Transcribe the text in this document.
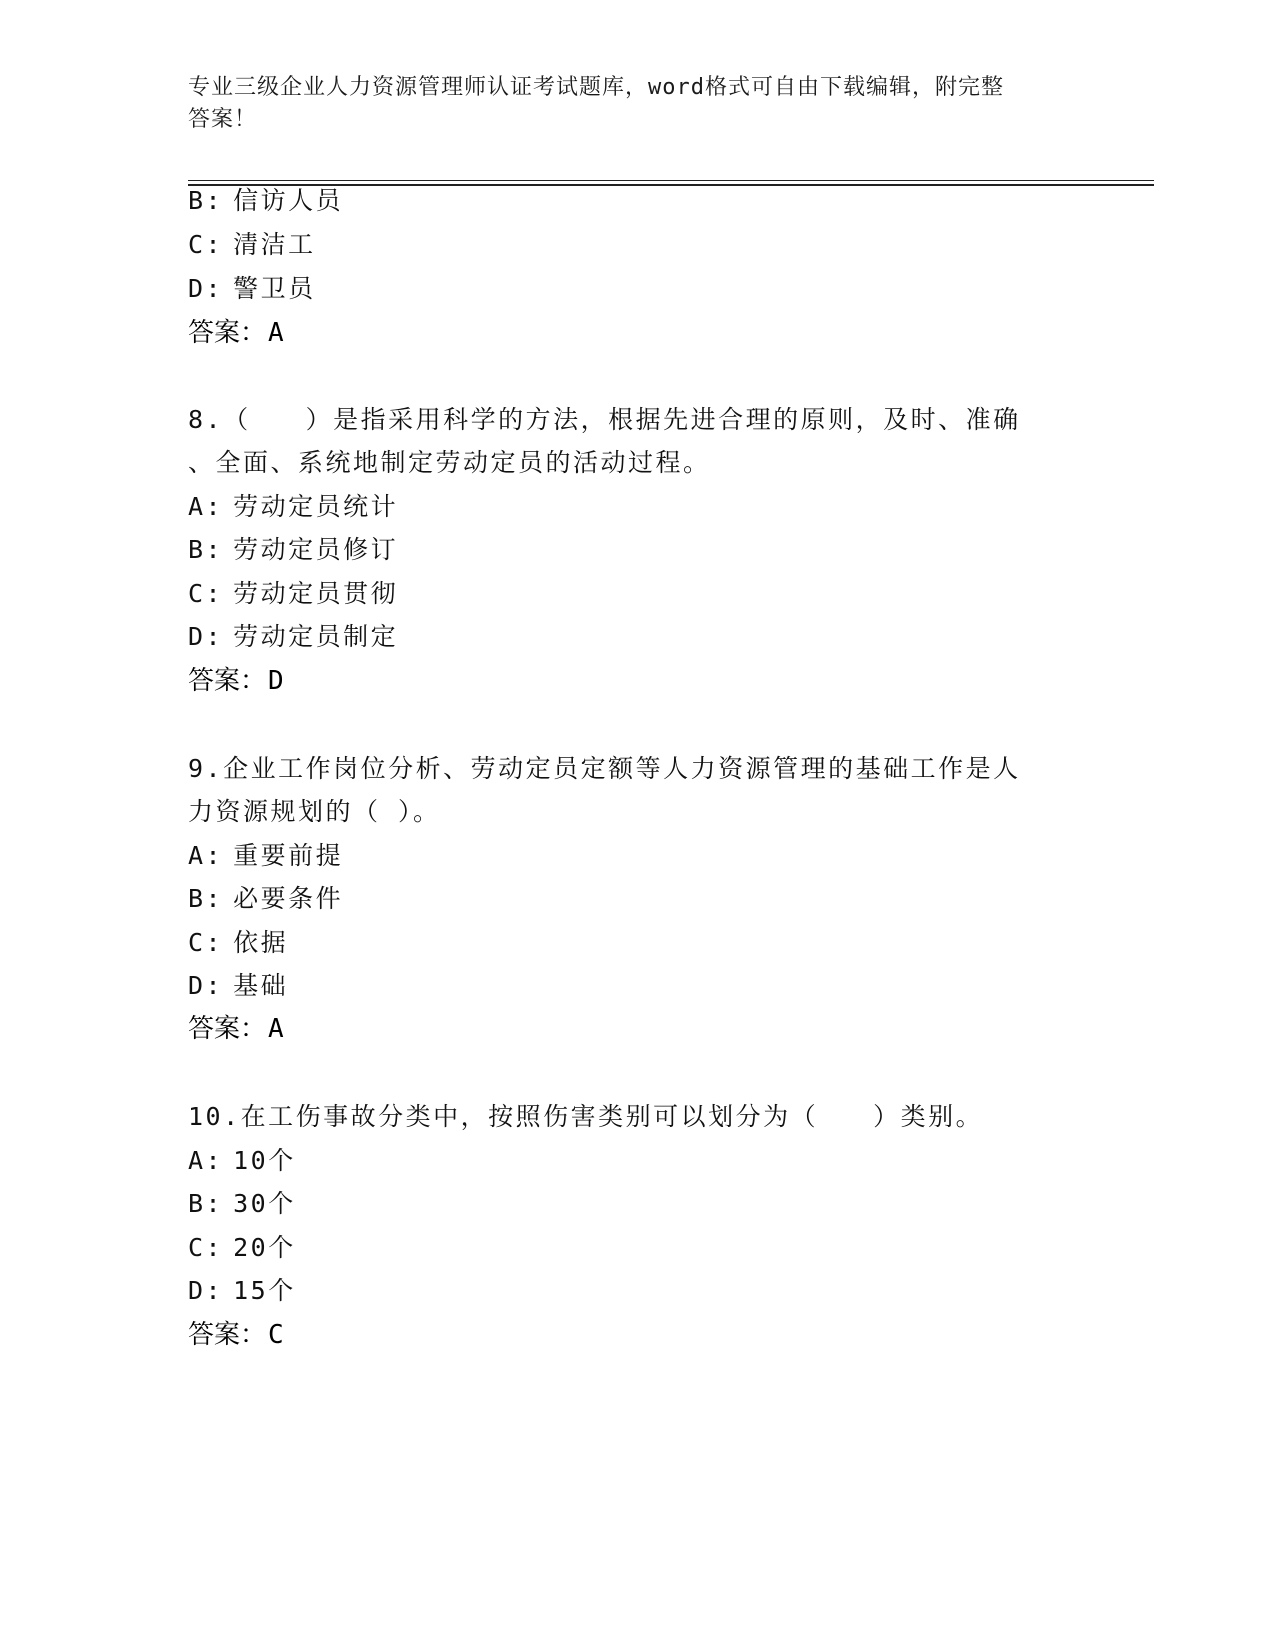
专业三级企业人力资源管理师认证考试题库，word格式可自由下载编辑，附完整
答案！
B: 信访人员
C: 清洁工
D: 警卫员
答案：A
8.（　　）是指采用科学的方法，根据先进合理的原则，及时、准确
、全面、系统地制定劳动定员的活动过程。
A: 劳动定员统计
B: 劳动定员修订
C: 劳动定员贯彻
D: 劳动定员制定
答案：D
9.企业工作岗位分析、劳动定员定额等人力资源管理的基础工作是人
力资源规划的（ ）。
A: 重要前提
B: 必要条件
C: 依据
D: 基础
答案：A
10.在工伤事故分类中，按照伤害类别可以划分为（　　）类别。
A: 10个
B: 30个
C: 20个
D: 15个
答案：C
